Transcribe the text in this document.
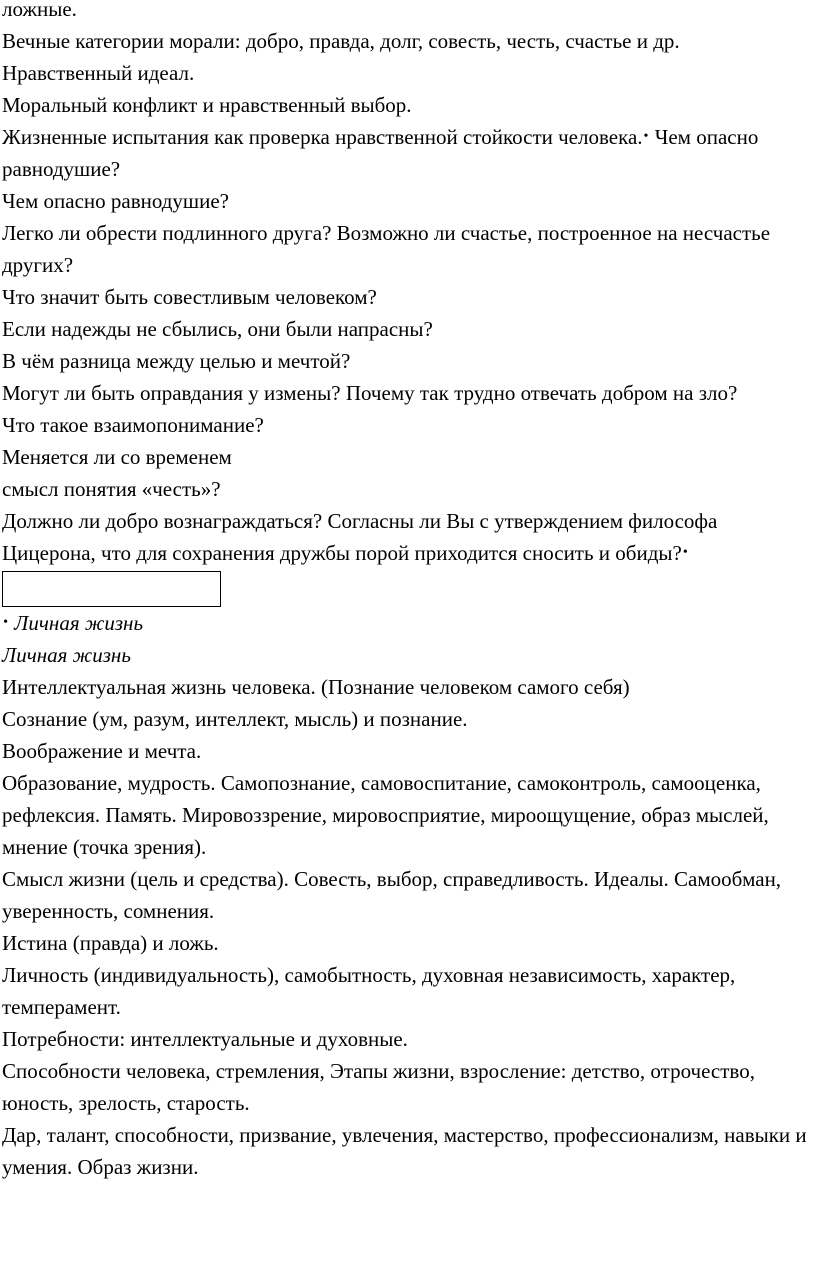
ложные.

Вечные категории морали: добро, правда, долг, совесть, честь, счастье и др.

Нравственный идеал.

Моральный конфликт и нравственный выбор.

Жизненные испытания как проверка нравственной стойкости человека.• Чем опасно равнодушие?

Чем опасно равнодушие?

Легко ли обрести подлинного друга? Возможно ли счастье, построенное на несчастье других?

Что значит быть совестливым человеком?

Если надежды не сбылись, они были напрасны?

В чём разница между целью и мечтой?

Могут ли быть оправдания у измены? Почему так трудно отвечать добром на зло?

Что такое взаимопонимание?

Меняется ли со временем

смысл понятия «честь»?

Должно ли добро вознаграждаться? Согласны ли Вы с утверждением философа Цицерона, что для сохранения дружбы порой приходится сносить и обиды?•

• Личная жизнь

Личная жизнь

Интеллектуальная жизнь человека. (Познание человеком самого себя)

Сознание (ум, разум, интеллект, мысль) и познание.

Воображение и мечта.

Образование, мудрость. Самопознание, самовоспитание, самоконтроль, самооценка, рефлексия. Память. Мировоззрение, мировосприятие, мироощущение, образ мыслей, мнение (точка зрения).

Смысл жизни (цель и средства). Совесть, выбор, справедливость. Идеалы. Самообман, уверенность, сомнения.

Истина (правда) и ложь.

Личность (индивидуальность), самобытность, духовная независимость, характер, темперамент.

Потребности: интеллектуальные и духовные.

Способности человека, стремления, Этапы жизни, взросление: детство, отрочество, юность, зрелость, старость.

Дар, талант, способности, призвание, увлечения, мастерство, профессионализм, навыки и умения. Образ жизни.
